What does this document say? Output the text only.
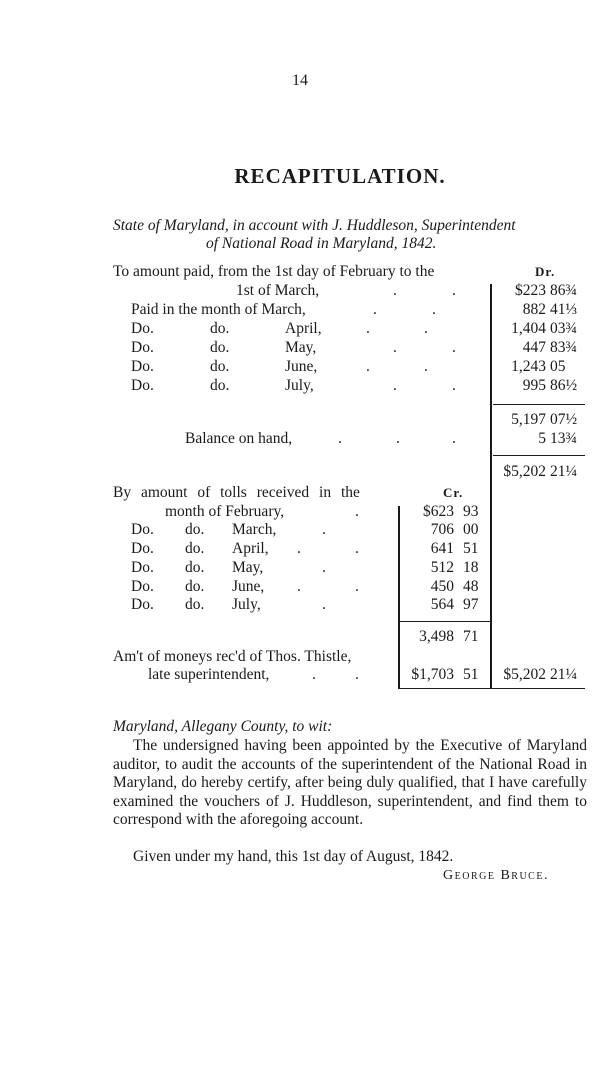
14
RECAPITULATION.
State of Maryland, in account with J. Huddleson, Superintendent
of National Road in Maryland, 1842.
Dr.
To amount paid, from the 1st day of February to the
1st of March,	.	.	$223 86¾
Paid in the month of March,	.	.	882 41⅓
Do.	do.	April,	.	.	1,404 03¾
Do.	do.	May,	.	.	447 83¾
Do.	do.	June,	.	.	1,243 05
Do.	do.	July,	.	.	995 86½
5,197 07½
Balance on hand,	.	.	.	5 13¾
$5,202 21¼
Cr.
By amount of tolls received in the
month of February,	.	$623 93
Do. do. March,	.	706 00
Do. do. April, .	.	641 51
Do. do. May,	.	512 18
Do. do. June, .	.	450 48
Do. do. July,	.	564 97
3,498 71
Am't of moneys rec'd of Thos. Thistle,
late superintendent,	.	.	$1,703 51	$5,202 21¼
Maryland, Allegany County, to wit:
The undersigned having been appointed by the Executive of Maryland auditor, to audit the accounts of the superintendent of the National Road in Maryland, do hereby certify, after being duly qualified, that I have carefully examined the vouchers of J. Huddleson, superintendent, and find them to correspond with the aforegoing account.
Given under my hand, this 1st day of August, 1842.
George Bruce.
